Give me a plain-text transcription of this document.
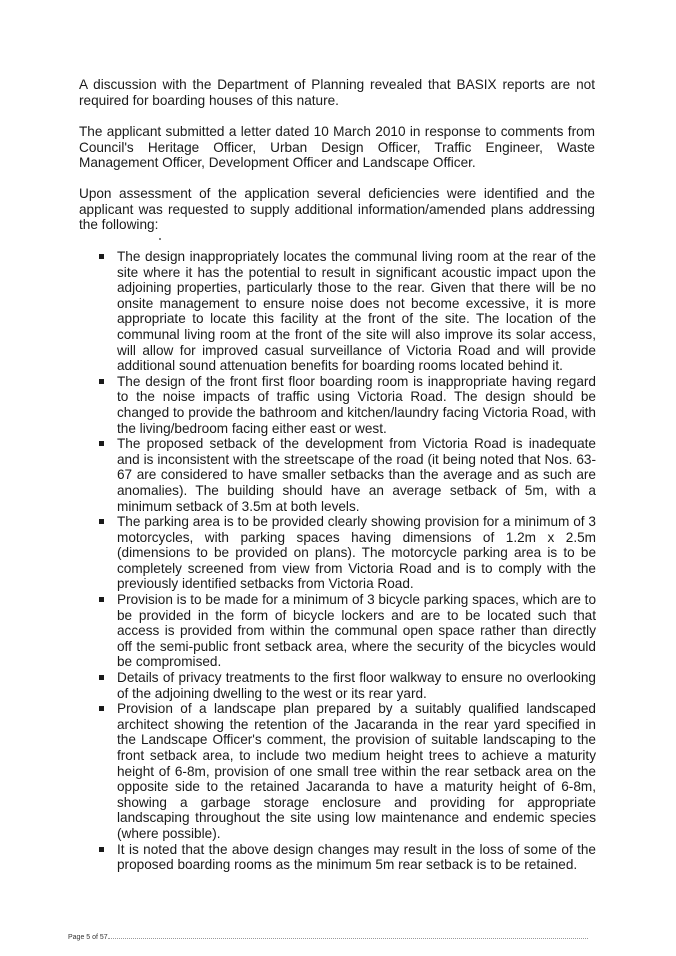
A discussion with the Department of Planning revealed that BASIX reports are not required for boarding houses of this nature.

The applicant submitted a letter dated 10 March 2010 in response to comments from Council's Heritage Officer, Urban Design Officer, Traffic Engineer, Waste Management Officer, Development Officer and Landscape Officer.

Upon assessment of the application several deficiencies were identified and the applicant was requested to supply additional information/amended plans addressing the following:

The design inappropriately locates the communal living room at the rear of the site where it has the potential to result in significant acoustic impact upon the adjoining properties, particularly those to the rear. Given that there will be no onsite management to ensure noise does not become excessive, it is more appropriate to locate this facility at the front of the site. The location of the communal living room at the front of the site will also improve its solar access, will allow for improved casual surveillance of Victoria Road and will provide additional sound attenuation benefits for boarding rooms located behind it.
The design of the front first floor boarding room is inappropriate having regard to the noise impacts of traffic using Victoria Road. The design should be changed to provide the bathroom and kitchen/laundry facing Victoria Road, with the living/bedroom facing either east or west.
The proposed setback of the development from Victoria Road is inadequate and is inconsistent with the streetscape of the road (it being noted that Nos. 63-67 are considered to have smaller setbacks than the average and as such are anomalies). The building should have an average setback of 5m, with a minimum setback of 3.5m at both levels.
The parking area is to be provided clearly showing provision for a minimum of 3 motorcycles, with parking spaces having dimensions of 1.2m x 2.5m (dimensions to be provided on plans). The motorcycle parking area is to be completely screened from view from Victoria Road and is to comply with the previously identified setbacks from Victoria Road.
Provision is to be made for a minimum of 3 bicycle parking spaces, which are to be provided in the form of bicycle lockers and are to be located such that access is provided from within the communal open space rather than directly off the semi-public front setback area, where the security of the bicycles would be compromised.
Details of privacy treatments to the first floor walkway to ensure no overlooking of the adjoining dwelling to the west or its rear yard.
Provision of a landscape plan prepared by a suitably qualified landscaped architect showing the retention of the Jacaranda in the rear yard specified in the Landscape Officer's comment, the provision of suitable landscaping to the front setback area, to include two medium height trees to achieve a maturity height of 6-8m, provision of one small tree within the rear setback area on the opposite side to the retained Jacaranda to have a maturity height of 6-8m, showing a garbage storage enclosure and providing for appropriate landscaping throughout the site using low maintenance and endemic species (where possible).
It is noted that the above design changes may result in the loss of some of the proposed boarding rooms as the minimum 5m rear setback is to be retained.
Page 5 of 57
